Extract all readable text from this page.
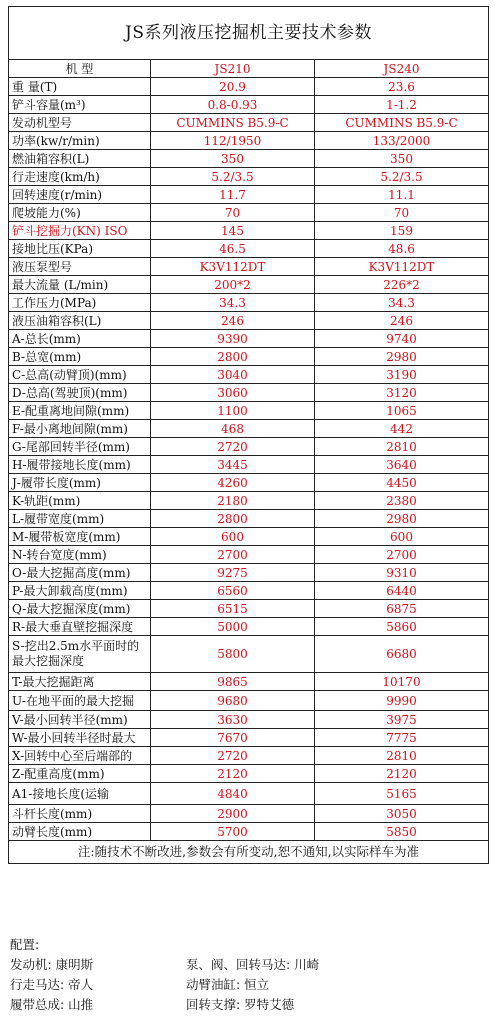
JS系列液压挖掘机主要技术参数		
机 型	JS210	JS240
重 量(T)	20.9	23.6
铲斗容量(m³)	0.8-0.93	1-1.2
发动机型号	CUMMINS B5.9-C	CUMMINS B5.9-C
功率(kw/r/min)	112/1950	133/2000
燃油箱容积(L)	350	350
行走速度(km/h)	5.2/3.5	5.2/3.5
回转速度(r/min)	11.7	11.1
爬坡能力(%)	70	70
铲斗挖掘力(KN) ISO	145	159
接地比压(KPa)	46.5	48.6
液压泵型号	K3V112DT	K3V112DT
最大流量 (L/min)	200*2	226*2
工作压力(MPa)	34.3	34.3
液压油箱容积(L)	246	246
A-总长(mm)	9390	9740
B-总宽(mm)	2800	2980
C-总高(动臂顶)(mm)	3040	3190
D-总高(驾驶顶)(mm)	3060	3120
E-配重离地间隙(mm)	1100	1065
F-最小离地间隙(mm)	468	442
G-尾部回转半径(mm)	2720	2810
H-履带接地长度(mm)	3445	3640
J-履带长度(mm)	4260	4450
K-轨距(mm)	2180	2380
L-履带宽度(mm)	2800	2980
M-履带板宽度(mm)	600	600
N-转台宽度(mm)	2700	2700
O-最大挖掘高度(mm)	9275	9310
P-最大卸载高度(mm)	6560	6440
Q-最大挖掘深度(mm)	6515	6875
R-最大垂直壁挖掘深度	5000	5860
S-挖出2.5m水平面时的最大挖掘深度	5800	6680
T-最大挖掘距离	9865	10170
U-在地平面的最大挖掘	9680	9990
V-最小回转半径(mm)	3630	3975
W-最小回转半径时最大	7670	7775
X-回转中心至后端部的	2720	2810
Z-配重高度(mm)	2120	2120
A1-接地长度(运输	4840	5165
斗杆长度(mm)	2900	3050
动臂长度(mm)	5700	5850
注:随技术不断改进,参数会有所变动,恕不通知,以实际样车为准		
配置:
发动机: 康明斯	泵、阀、回转马达: 川崎
行走马达: 帝人	动臂油缸: 恒立
履带总成: 山推	回转支撑: 罗特艾德
